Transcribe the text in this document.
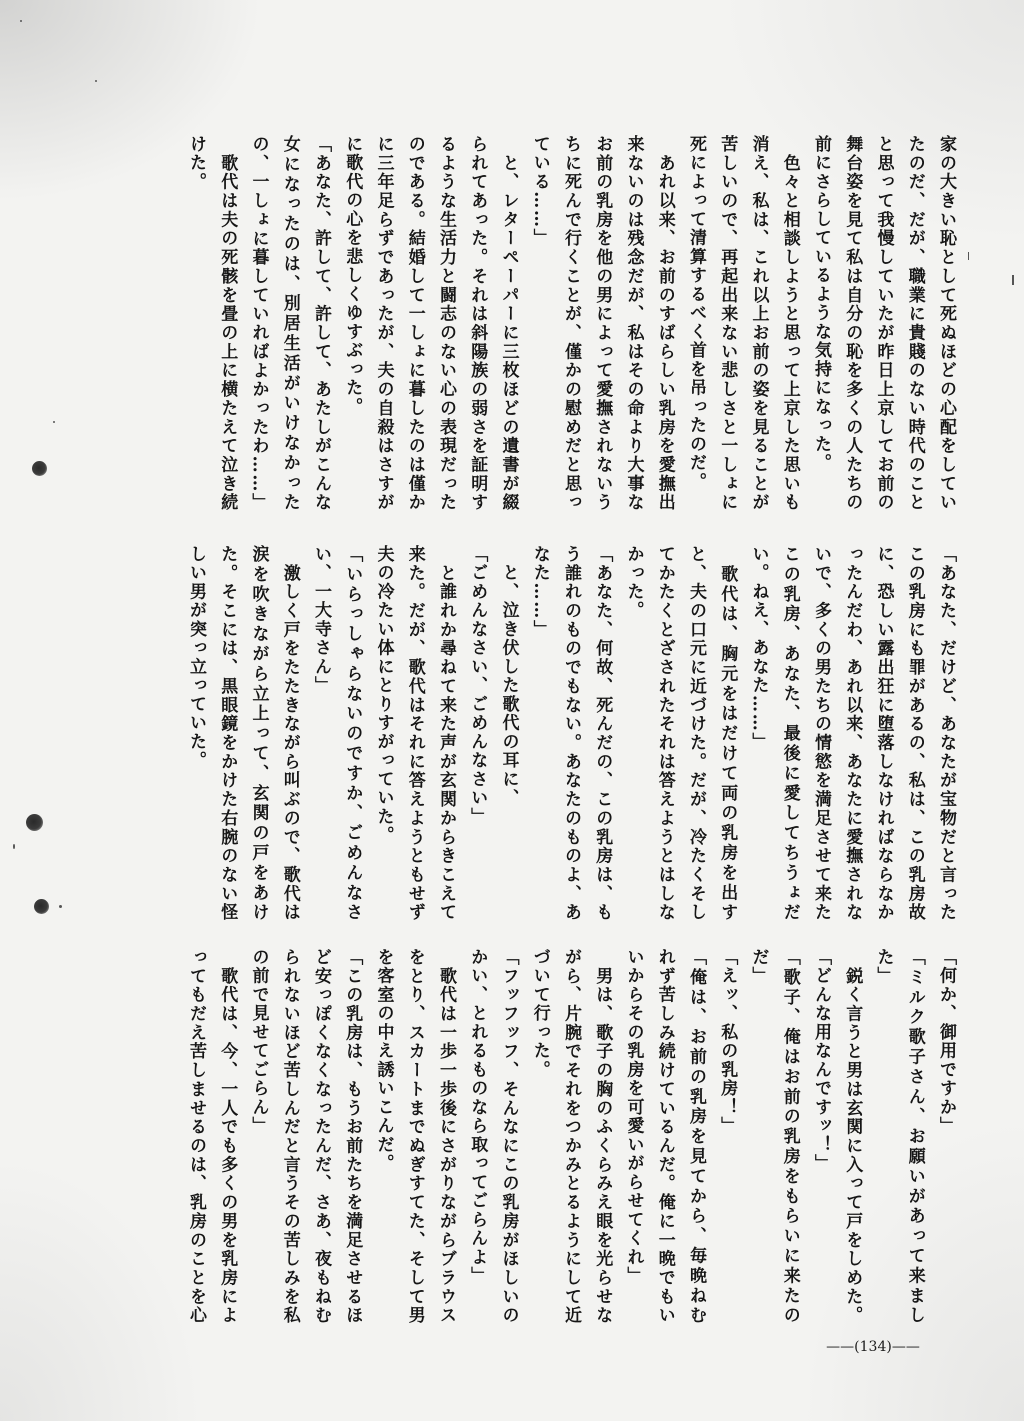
家の大きい恥として死ぬほどの心配をしてい
たのだ、だが、職業に貴賤のない時代のこと
と思って我慢していたが昨日上京してお前の
舞台姿を見て私は自分の恥を多くの人たちの
前にさらしているような気持になった。
　色々と相談しようと思って上京した思いも
消え、私は、これ以上お前の姿を見ることが
苦しいので、再起出来ない悲しさと一しょに
死によって清算するべく首を吊ったのだ。
　あれ以来、お前のすばらしい乳房を愛撫出
来ないのは残念だが、私はその命より大事な
お前の乳房を他の男によって愛撫されないう
ちに死んで行くことが、僅かの慰めだと思っ
ている……」
　と、レターペーパーに三枚ほどの遺書が綴
られてあった。それは斜陽族の弱さを証明す
るような生活力と闘志のない心の表現だった
のである。結婚して一しょに暮したのは僅か
に三年足らずであったが、夫の自殺はさすが
に歌代の心を悲しくゆすぶった。
「あなた、許して、許して、あたしがこんな
女になったのは、別居生活がいけなかった
の、一しょに暮していればよかったわ……」
　歌代は夫の死骸を畳の上に横たえて泣き続
けた。
「あなた、だけど、あなたが宝物だと言った
この乳房にも罪があるの、私は、この乳房故
に、恐しい露出狂に堕落しなければならなか
ったんだわ、あれ以来、あなたに愛撫されな
いで、多くの男たちの情慾を満足させて来た
この乳房、あなた、最後に愛してちうょだ
い。ねえ、あなた……」
　歌代は、胸元をはだけて両の乳房を出す
と、夫の口元に近づけた。だが、冷たくそし
てかたくとざされたそれは答えようとはしな
かった。
「あなた、何故、死んだの、この乳房は、も
う誰れのものでもない。あなたのものよ、あ
なた……」
　と、泣き伏した歌代の耳に、
「ごめんなさい、ごめんなさい」
　と誰れか尋ねて来た声が玄関からきこえて
来た。だが、歌代はそれに答えようともせず
夫の冷たい体にとりすがっていた。
「いらっしゃらないのですか、ごめんなさ
い、一大寺さん」
　激しく戸をたたきながら叫ぶので、歌代は
涙を吹きながら立上って、玄関の戸をあけ
た。そこには、黒眼鏡をかけた右腕のない怪
しい男が突っ立っていた。
「何か、御用ですか」
「ミルク歌子さん、お願いがあって来まし
た」
　鋭く言うと男は玄関に入って戸をしめた。
「どんな用なんですッ！」
「歌子、俺はお前の乳房をもらいに来たの
だ」
「えッ、私の乳房！」
「俺は、お前の乳房を見てから、毎晩ねむ
れず苦しみ続けているんだ。俺に一晩でもい
いからその乳房を可愛いがらせてくれ」
　男は、歌子の胸のふくらみえ眼を光らせな
がら、片腕でそれをつかみとるようにして近
づいて行った。
「フッフッフ、そんなにこの乳房がほしいの
かい、とれるものなら取ってごらんよ」
　歌代は一歩一歩後にさがりながらブラウス
をとり、スカートまでぬぎすてた、そして男
を客室の中え誘いこんだ。
「この乳房は、もうお前たちを満足させるほ
ど安っぽくなくなったんだ、さあ、夜もねむ
られないほど苦しんだと言うその苦しみを私
の前で見せてごらん」
　歌代は、今、一人でも多くの男を乳房によ
ってもだえ苦しませるのは、乳房のことを心
——(134)——
